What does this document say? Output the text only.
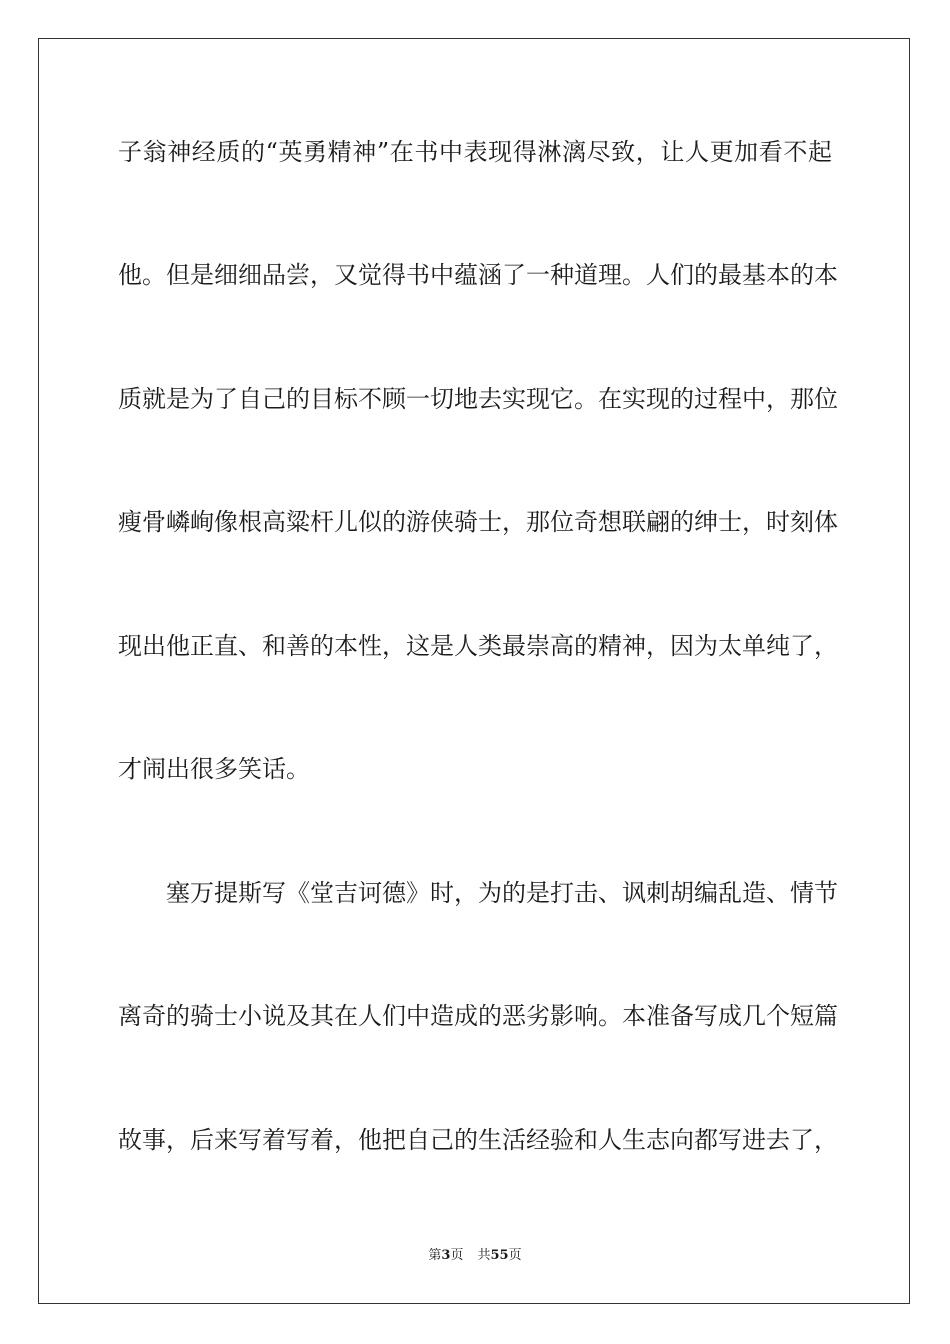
子翁神经质的“英勇精神”在书中表现得淋漓尽致，让人更加看不起
他。但是细细品尝，又觉得书中蕴涵了一种道理。人们的最基本的本
质就是为了自己的目标不顾一切地去实现它。在实现的过程中，那位
瘦骨嶙峋像根高粱杆儿似的游侠骑士，那位奇想联翩的绅士，时刻体
现出他正直、和善的本性，这是人类最崇高的精神，因为太单纯了，
才闹出很多笑话。
塞万提斯写《堂吉诃德》时，为的是打击、讽刺胡编乱造、情节
离奇的骑士小说及其在人们中造成的恶劣影响。本准备写成几个短篇
故事，后来写着写着，他把自己的生活经验和人生志向都写进去了，
第3页 共55页
